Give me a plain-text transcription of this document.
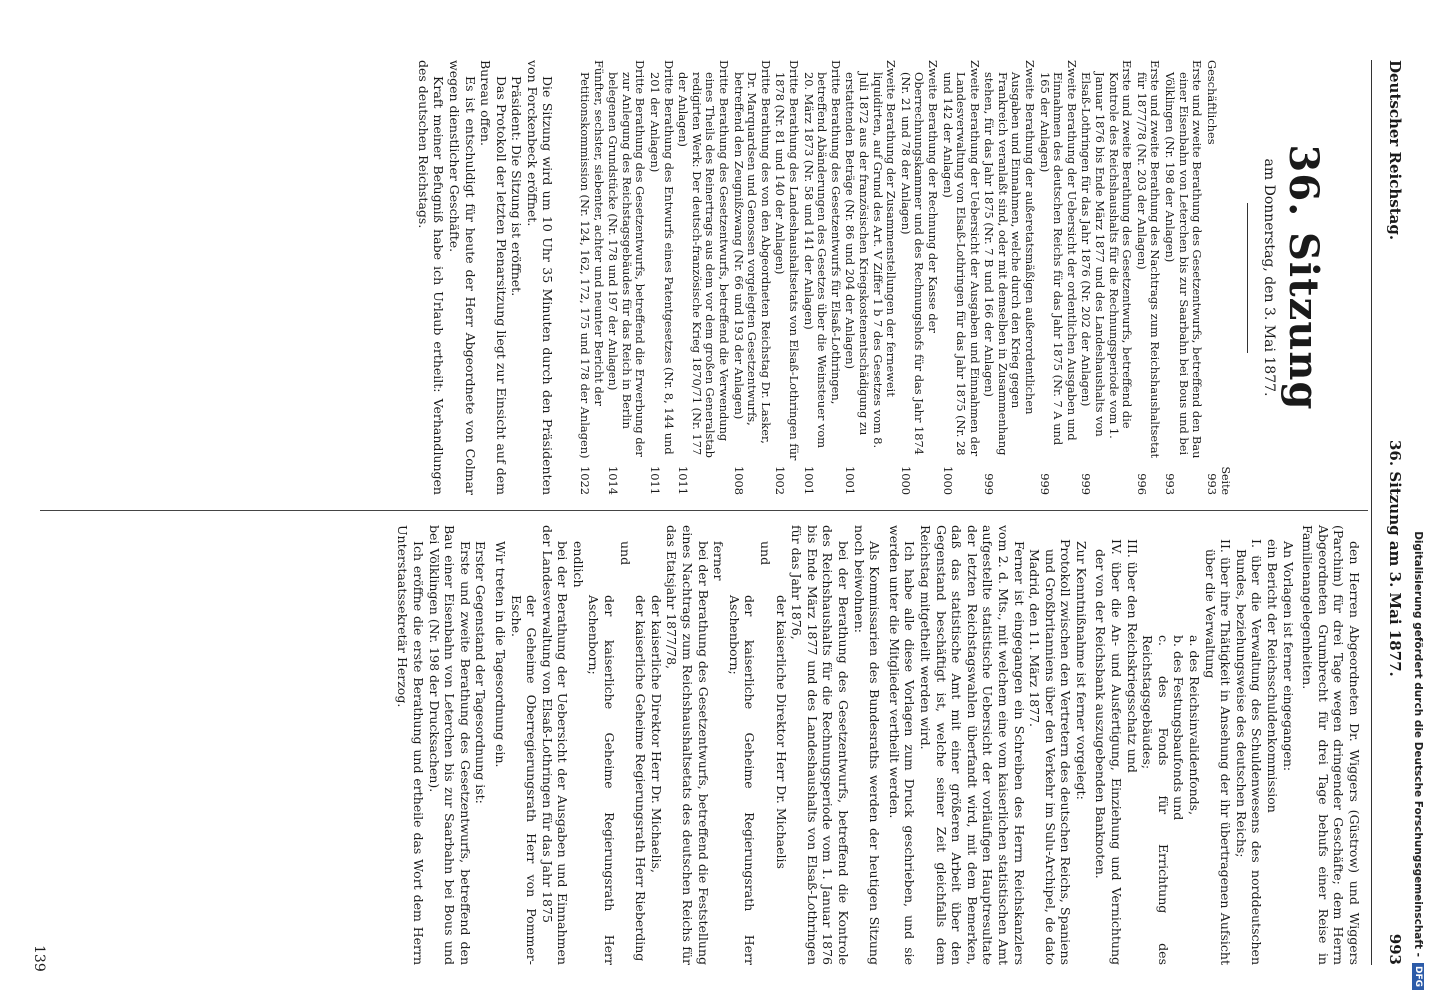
Deutscher Reichstag.
36. Sitzung am 3. Mai 1877.
993
36. Sitzung
am Donnerstag, den 3. Mai 1877.
Seite
Geschäftliches
993
Erste und zweite Berathung des Gesetzentwurfs, betreffend den Bau einer Eisenbahn von Leterchen bis zur Saarbahn bei Bous und bei Völklingen (Nr. 198 der Anlagen)
993
Erste und zweite Berathung des Nachtrags zum Reichshaushaltsetat für 1877/78 (Nr. 203 der Anlagen)
996
Erste und zweite Berathung des Gesetzentwurfs, betreffend die Kontrole des Reichshaushalts für die Rechnungsperiode vom 1. Januar 1876 bis Ende März 1877 und des Landeshaushalts von Elsaß-Lothringen für das Jahr 1876 (Nr. 202 der Anlagen)
999
Zweite Berathung der Uebersicht der ordentlichen Ausgaben und Einnahmen des deutschen Reichs für das Jahr 1875 (Nr. 7 A und 165 der Anlagen)
999
Zweite Berathung der außeretatsmäßigen außerordentlichen Ausgaben und Einnahmen, welche durch den Krieg gegen Frankreich veranlaßt sind, oder mit demselben in Zusammenhang stehen, für das Jahr 1875 (Nr. 7 B und 166 der Anlagen)
999
Zweite Berathung der Uebersicht der Ausgaben und Einnahmen der Landesverwaltung von Elsaß-Lothringen für das Jahr 1875 (Nr. 28 und 142 der Anlagen)
1000
Zweite Berathung der Rechnung der Kasse der Oberrechnungskammer und des Rechnungshofs für das Jahr 1874 (Nr. 21 und 78 der Anlagen)
1000
Zweite Berathung der Zusammenstellungen der ferneweit liquidirten, auf Grund des Art. V Ziffer 1 b 7 des Gesetzes vom 8. Juli 1872 aus der französischen Kriegskostenentschädigung zu erstattenden Beträge (Nr. 86 und 204 der Anlagen)
1001
Dritte Berathung des Gesetzentwurfs für Elsaß-Lothringen, betreffend Abänderungen des Gesetzes über die Weinsteuer vom 20. März 1873 (Nr. 58 und 141 der Anlagen)
1001
Dritte Berathung des Landeshaushaltsetats von Elsaß-Lothringen für 1878 (Nr. 81 und 140 der Anlagen)
1002
Dritte Berathung des von den Abgeordneten Reichstag Dr. Lasker, Dr. Marquardsen und Genossen vorgelegten Gesetzentwurfs, betreffend den Zeugnißzwang (Nr. 66 und 193 der Anlagen)
1008
Dritte Berathung des Gesetzentwurfs, betreffend die Verwendung eines Theils des Reinertrags aus dem vor dem großen Generalstab redigirten Werk: Der deutsch-französische Krieg 1870/71 (Nr. 177 der Anlagen)
1011
Dritte Berathung des Entwurfs eines Patentgesetzes (Nr. 8, 144 und 201 der Anlagen)
1011
Dritte Berathung des Gesetzentwurfs, betreffend die Erwerbung der zur Anlegung des Reichstagsgebäudes für das Reich in Berlin belegenen Grundstücke (Nr. 178 und 197 der Anlagen)
1014
Fünfter, sechster, siebenter, achter und neunter Bericht der Petitionskommission (Nr. 124, 162, 172, 175 und 178 der Anlagen)
1022

Die Sitzung wird um 10 Uhr 35 Minuten durch den Präsidenten von Forckenbeck eröffnet.

Präsident: Die Sitzung ist eröffnet.

Das Protokoll der letzten Plenarsitzung liegt zur Einsicht auf dem Bureau offen.

Es ist entschuldigt für heute der Herr Abgeordnete von Colmar wegen dienstlicher Geschäfte.

Kraft meiner Befugniß habe ich Urlaub ertheilt: Verhandlungen des deutschen Reichstags.

den Herren Abgeordneten Dr. Wiggers (Güstrow) und Wiggers (Parchim) für drei Tage wegen dringender Geschäfte; dem Herrn Abgeordneten Grumbrecht für drei Tage behufs einer Reise in Familienangelegenheiten.

An Vorlagen ist ferner eingegangen:

ein Bericht der Reichsschuldenkommission

I. über die Verwaltung des Schuldenwesens des norddeutschen Bundes, beziehungsweise des deutschen Reichs;

II. über ihre Thätigkeit in Ansehung der ihr übertragenen Aufsicht über die Verwaltung

a. des Reichsinvalidenfonds,

b. des Festungsbaufonds und

c. des Fonds für Errichtung des Reichstagsgebäudes;

III. über den Reichskriegsschatz und

IV. über die An- und Ausfertigung, Einziehung und Vernichtung der von der Reichsbank auszugebenden Banknoten.

Zur Kenntnißnahme ist ferner vorgelegt:

Protokoll zwischen den Vertretern des deutschen Reichs, Spaniens und Großbritanniens über den Verkehr im Sulu-Archipel, de dato Madrid, den 11. März 1877.

Ferner ist eingegangen ein Schreiben des Herrn Reichskanzlers vom 2. d. Mts., mit welchem eine vom kaiserlichen statistischen Amt aufgestellte statistische Uebersicht der vorläufigen Hauptresultate der letzten Reichstagswahlen überfandt wird, mit dem Bemerken, daß das statistische Amt mit einer größeren Arbeit über den Gegenstand beschäftigt ist, welche seiner Zeit gleichfalls dem Reichstag mitgetheilt werden wird.

Ich habe alle diese Vorlagen zum Druck geschrieben, und sie werden unter die Mitglieder vertheilt werden.

Als Kommissarien des Bundesraths werden der heutigen Sitzung noch beiwohnen:

bei der Berathung des Gesetzentwurfs, betreffend die Kontrole des Reichshaushalts für die Rechnungsperiode vom 1. Januar 1876 bis Ende März 1877 und des Landeshaushalts von Elsaß-Lothringen für das Jahr 1876,

der kaiserliche Direktor Herr Dr. Michaelis

und

der kaiserliche Geheime Regierungsrath Herr Aschenborn;

ferner

bei der Berathung des Gesetzentwurfs, betreffend die Feststellung eines Nachtrags zum Reichshaushaltsetats des deutschen Reichs für das Etatsjahr 1877/78,

der kaiserliche Direktor Herr Dr. Michaelis,

der kaiserliche Geheime Regierungsrath Herr Rieberding

und

der kaiserliche Geheime Regierungsrath Herr Aschenborn;

endlich

bei der Berathung der Uebersicht der Ausgaben und Einnahmen der Landesverwaltung von Elsaß-Lothringen für das Jahr 1875

der Geheime Oberregierungsrath Herr von Pommer-Esche.

Wir treten in die Tagesordnung ein.

Erster Gegenstand der Tagesordnung ist:

Erste und zweite Berathung des Gesetzentwurfs, betreffend den Bau einer Eisenbahn von Leterchen bis zur Saarbahn bei Bous und bei Völklingen (Nr. 198 der Drucksachen).

Ich eröffne die erste Berathung und ertheile das Wort dem Herrn Unterstaatssekretär Herzog.

139
Digitalisierung gefördert durch die Deutsche Forschungsgemeinschaft -
DFG
